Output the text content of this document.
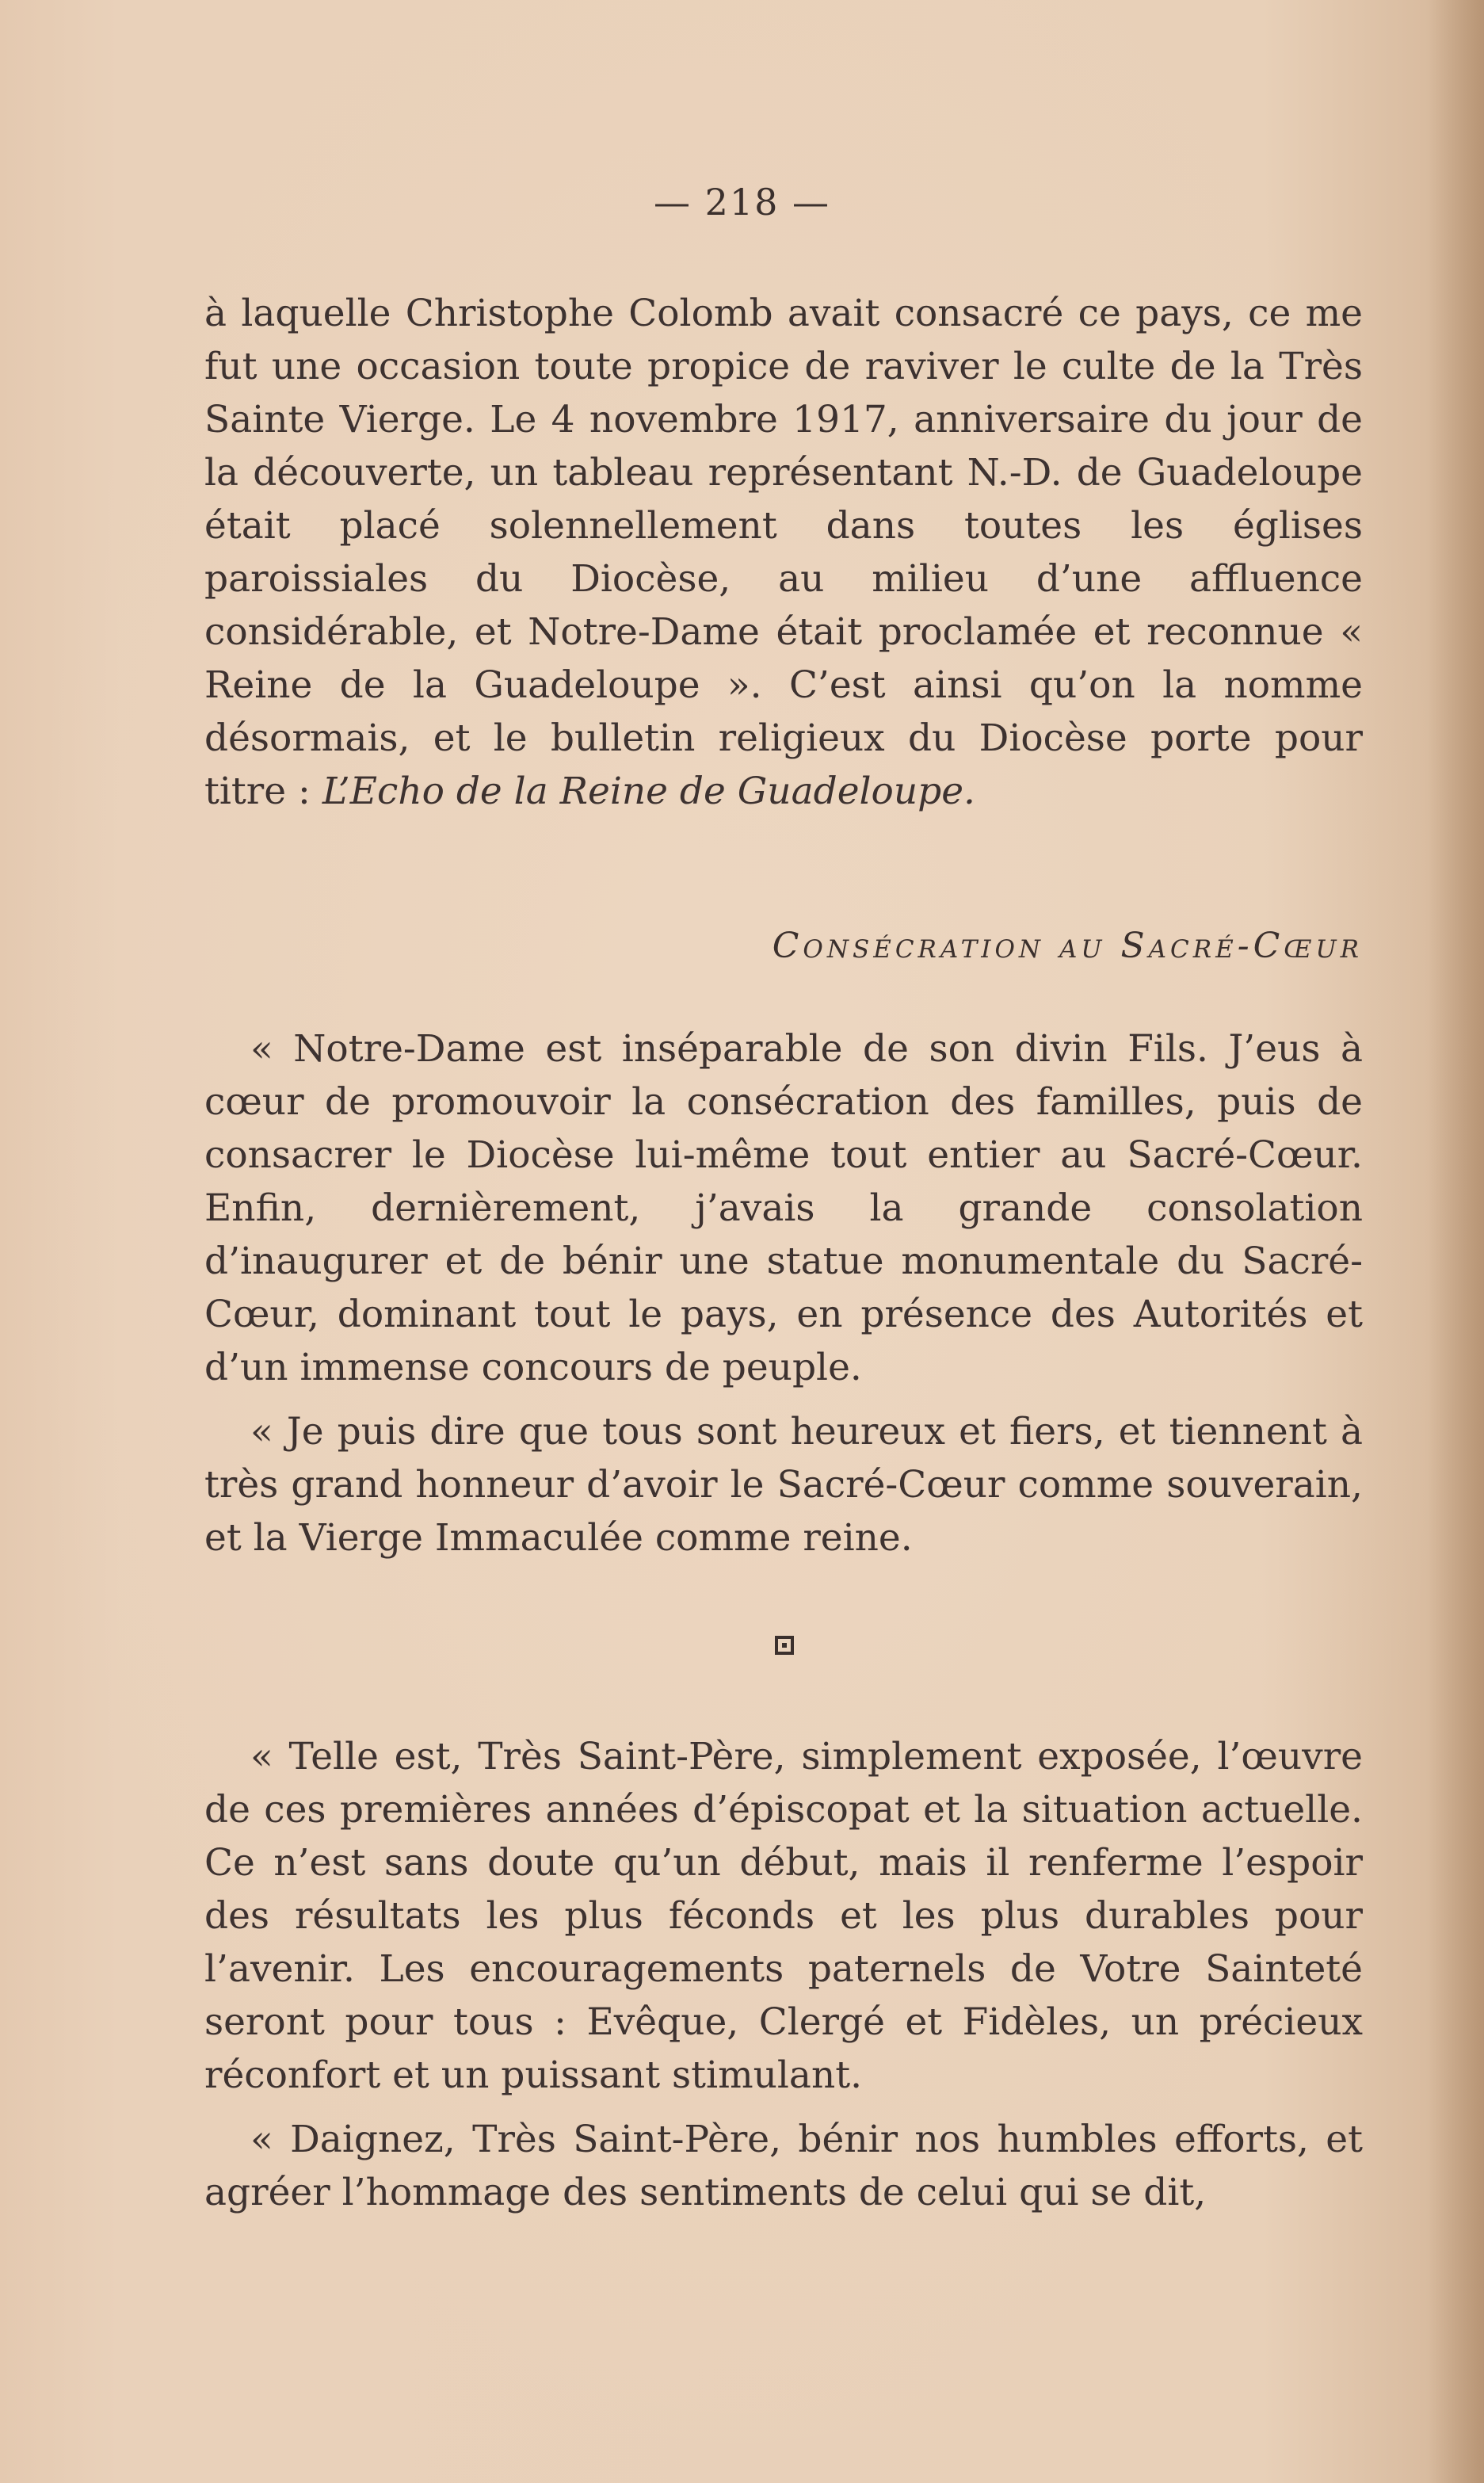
— 218 —

à laquelle Christophe Colomb avait consacré ce pays, ce me fut une occasion toute propice de raviver le culte de la Très Sainte Vierge. Le 4 novembre 1917, anniversaire du jour de la découverte, un tableau représentant N.-D. de Guadeloupe était placé solennellement dans toutes les églises paroissiales du Diocèse, au milieu d’une affluence considérable, et Notre-Dame était proclamée et reconnue « Reine de la Guadeloupe ». C’est ainsi qu’on la nomme désormais, et le bulletin religieux du Diocèse porte pour titre : L’Echo de la Reine de Guadeloupe.

Consécration au Sacré-Cœur

« Notre-Dame est inséparable de son divin Fils. J’eus à cœur de promouvoir la consécration des familles, puis de consacrer le Diocèse lui-même tout entier au Sacré-Cœur. Enfin, dernièrement, j’avais la grande consolation d’inaugurer et de bénir une statue monumentale du Sacré-Cœur, dominant tout le pays, en présence des Autorités et d’un immense concours de peuple.

« Je puis dire que tous sont heureux et fiers, et tiennent à très grand honneur d’avoir le Sacré-Cœur comme souverain, et la Vierge Immaculée comme reine.

« Telle est, Très Saint-Père, simplement exposée, l’œuvre de ces premières années d’épiscopat et la situation actuelle. Ce n’est sans doute qu’un début, mais il renferme l’espoir des résultats les plus féconds et les plus durables pour l’avenir. Les encouragements paternels de Votre Sainteté seront pour tous : Evêque, Clergé et Fidèles, un précieux réconfort et un puissant stimulant.

« Daignez, Très Saint-Père, bénir nos humbles efforts, et agréer l’hommage des sentiments de celui qui se dit,
